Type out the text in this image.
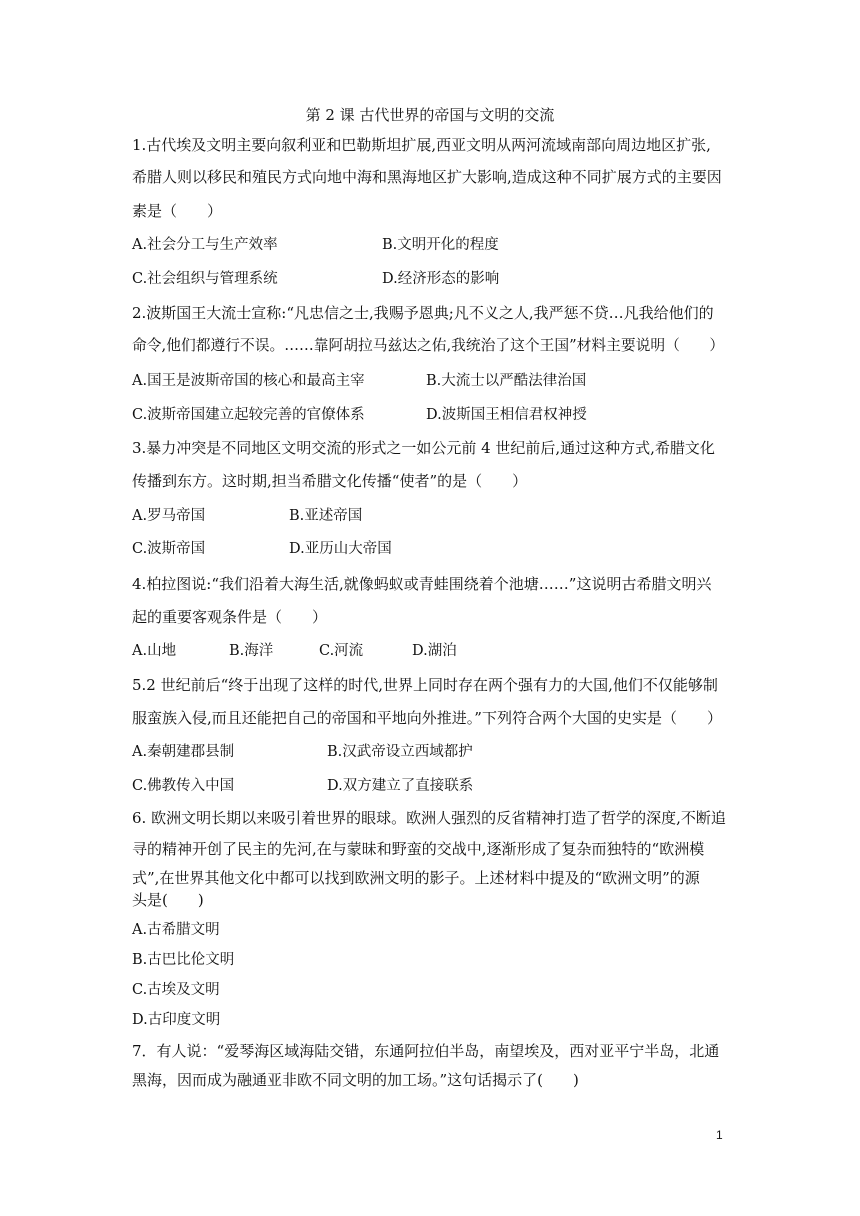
第 2 课 古代世界的帝国与文明的交流
1.古代埃及文明主要向叙利亚和巴勒斯坦扩展,西亚文明从两河流域南部向周边地区扩张,
希腊人则以移民和殖民方式向地中海和黑海地区扩大影响,造成这种不同扩展方式的主要因
素是（　　）
A.社会分工与生产效率	B.文明开化的程度
C.社会组织与管理系统	D.经济形态的影响
2.波斯国王大流士宣称:“凡忠信之士,我赐予恩典;凡不义之人,我严惩不贷…凡我给他们的
命令,他们都遵行不误。……靠阿胡拉马兹达之佑,我统治了这个王国”材料主要说明（　　）
A.国王是波斯帝国的核心和最高主宰	B.大流士以严酷法律治国
C.波斯帝国建立起较完善的官僚体系	D.波斯国王相信君权神授
3.暴力冲突是不同地区文明交流的形式之一如公元前 4 世纪前后,通过这种方式,希腊文化
传播到东方。这时期,担当希腊文化传播“使者”的是（　　）
A.罗马帝国	B.亚述帝国
C.波斯帝国	D.亚历山大帝国
4.柏拉图说:“我们沿着大海生活,就像蚂蚁或青蛙围绕着个池塘……”这说明古希腊文明兴
起的重要客观条件是（　　）
A.山地	B.海洋	C.河流	D.湖泊
5.2 世纪前后“终于出现了这样的时代,世界上同时存在两个强有力的大国,他们不仅能够制
服蛮族入侵,而且还能把自己的帝国和平地向外推进。”下列符合两个大国的史实是（　　）
A.秦朝建郡县制	B.汉武帝设立西域都护
C.佛教传入中国	D.双方建立了直接联系
6. 欧洲文明长期以来吸引着世界的眼球。欧洲人强烈的反省精神打造了哲学的深度,不断追
寻的精神开创了民主的先河,在与蒙昧和野蛮的交战中,逐渐形成了复杂而独特的“欧洲模
式”,在世界其他文化中都可以找到欧洲文明的影子。上述材料中提及的“欧洲文明”的源
头是(　　)
A.古希腊文明
B.古巴比伦文明
C.古埃及文明
D.古印度文明
7．有人说：“爱琴海区域海陆交错，东通阿拉伯半岛，南望埃及，西对亚平宁半岛，北通
黑海，因而成为融通亚非欧不同文明的加工场。”这句话揭示了(　　)
1
